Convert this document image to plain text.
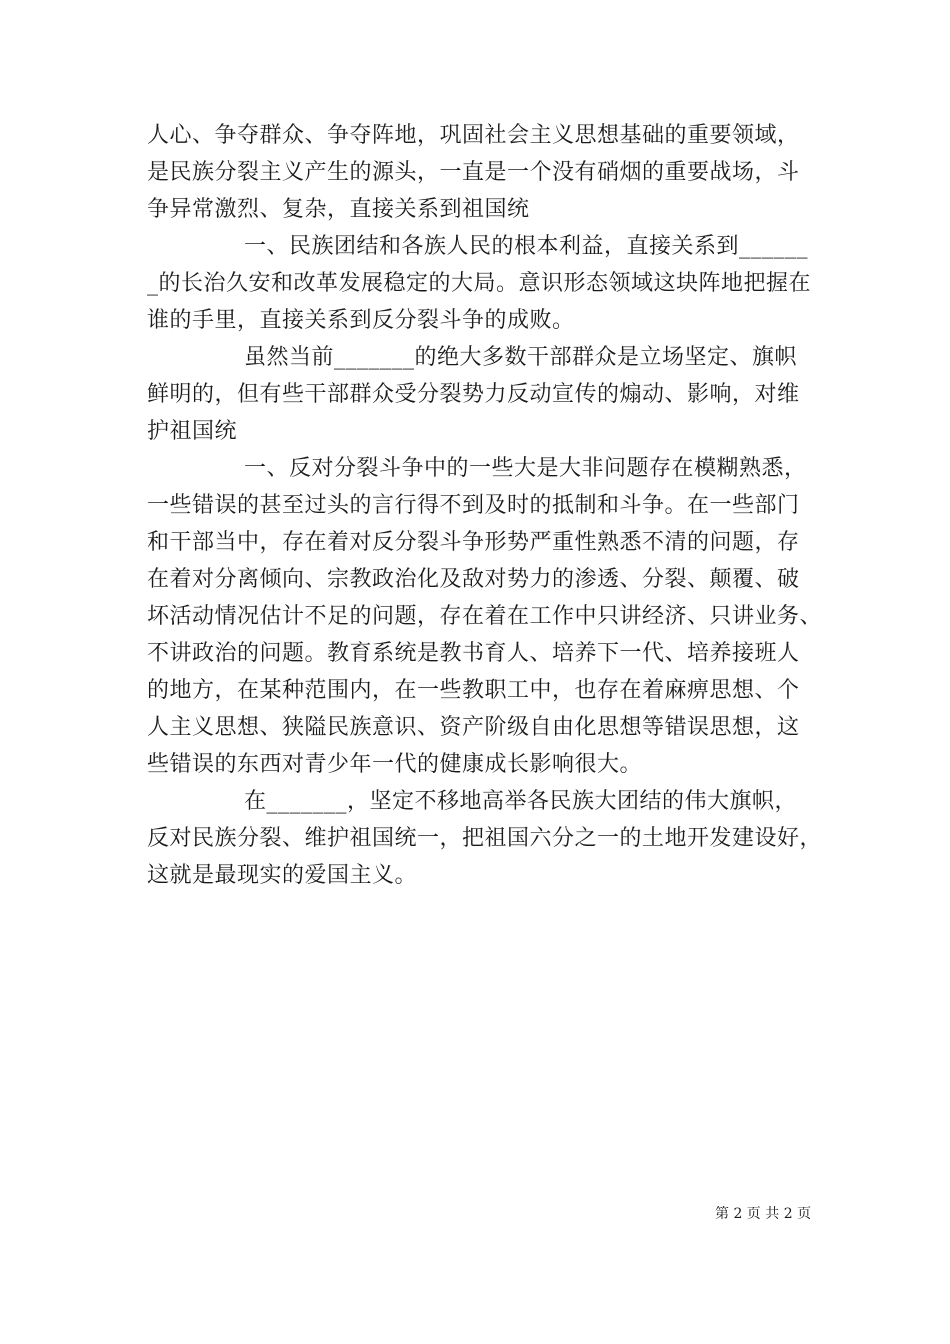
人心、争夺群众、争夺阵地，巩固社会主义思想基础的重要领域，
是民族分裂主义产生的源头，一直是一个没有硝烟的重要战场，斗
争异常激烈、复杂，直接关系到祖国统
一、民族团结和各族人民的根本利益，直接关系到______
_的长治久安和改革发展稳定的大局。意识形态领域这块阵地把握在
谁的手里，直接关系到反分裂斗争的成败。
虽然当前_______的绝大多数干部群众是立场坚定、旗帜
鲜明的，但有些干部群众受分裂势力反动宣传的煽动、影响，对维
护祖国统
一、反对分裂斗争中的一些大是大非问题存在模糊熟悉，
一些错误的甚至过头的言行得不到及时的抵制和斗争。在一些部门
和干部当中，存在着对反分裂斗争形势严重性熟悉不清的问题，存
在着对分离倾向、宗教政治化及敌对势力的渗透、分裂、颠覆、破
坏活动情况估计不足的问题，存在着在工作中只讲经济、只讲业务、
不讲政治的问题。教育系统是教书育人、培养下一代、培养接班人
的地方，在某种范围内，在一些教职工中，也存在着麻痹思想、个
人主义思想、狭隘民族意识、资产阶级自由化思想等错误思想，这
些错误的东西对青少年一代的健康成长影响很大。
在_______，坚定不移地高举各民族大团结的伟大旗帜，
反对民族分裂、维护祖国统一，把祖国六分之一的土地开发建设好，
这就是最现实的爱国主义。
第 2 页 共 2 页
